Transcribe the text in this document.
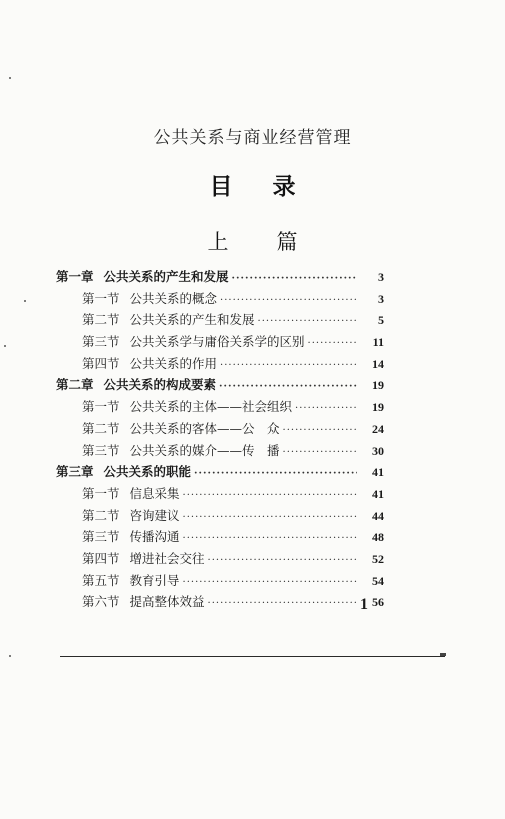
公共关系与商业经营管理
目 录
上 篇
第一章 公共关系的产生和发展 ·····	3
第一节 公共关系的概念 ·····	3
第二节 公共关系的产生和发展 ·····	5
第三节 公共关系学与庸俗关系学的区别 ·····	11
第四节 公共关系的作用 ·····	14
第二章 公共关系的构成要素 ·····	19
第一节 公共关系的主体——社会组织 ·····	19
第二节 公共关系的客体——公　众 ·····	24
第三节 公共关系的媒介——传　播 ·····	30
第三章 公共关系的职能 ·····	41
第一节 信息采集 ·····	41
第二节 咨询建议 ·····	44
第三节 传播沟通 ·····	48
第四节 增进社会交往 ·····	52
第五节 教育引导 ·····	54
第六节 提高整体效益 ·····	56
1
